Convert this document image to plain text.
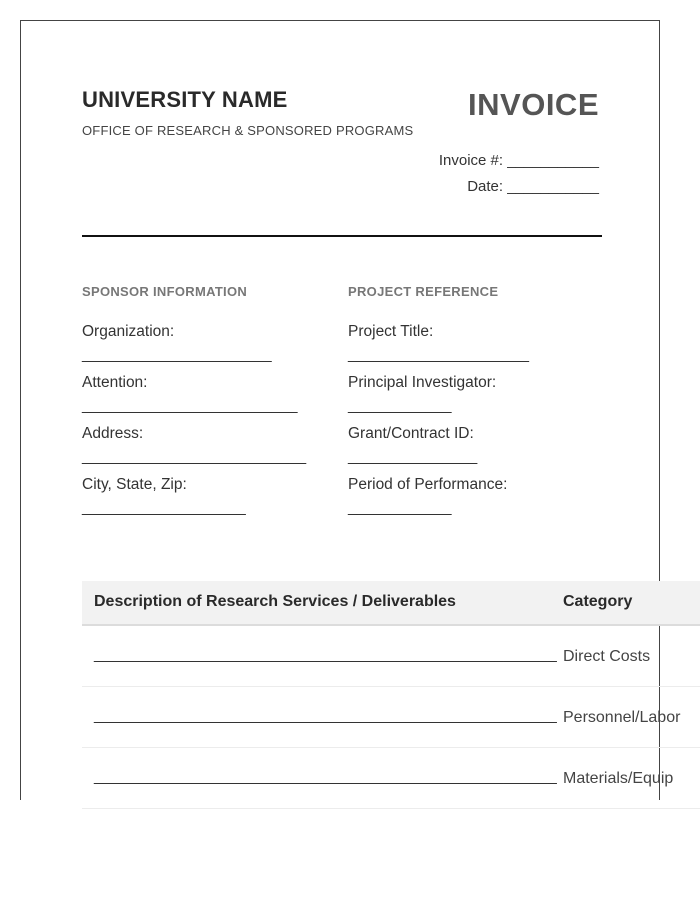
UNIVERSITY NAME
OFFICE OF RESEARCH & SPONSORED PROGRAMS
INVOICE
Invoice #: ___________
Date: ___________
SPONSOR INFORMATION
Organization:
______________________
Attention:
_________________________
Address:
__________________________
City, State, Zip:
___________________
PROJECT REFERENCE
Project Title:
_____________________
Principal Investigator:
____________
Grant/Contract ID:
_______________
Period of Performance:
____________
Description of Research Services / Deliverables	Category
____________________________________________________ Direct Costs
____________________________________________________ Personnel/Labor
____________________________________________________ Materials/Equip
